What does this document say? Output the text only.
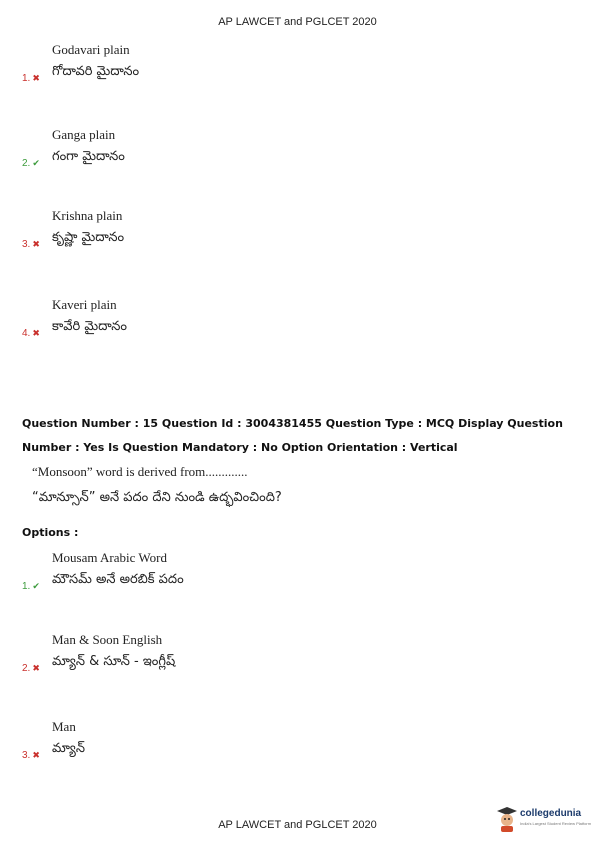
AP LAWCET and PGLCET 2020
Godavari plain
1. ✖ గోదావరి మైదానం
Ganga plain
2. ✔ గంగా మైదానం
Krishna plain
3. ✖ కృష్ణా మైదానం
Kaveri plain
4. ✖ కావేరి మైదానం
Question Number : 15 Question Id : 3004381455 Question Type : MCQ Display Question
Number : Yes Is Question Mandatory : No Option Orientation : Vertical
“Monsoon” word is derived from.............
“మాన్సూన్” అనే పదం దేని నుండి ఉద్భవించింది?
Options :
Mousam Arabic Word
1. ✔ మౌసమ్ అనే అరబిక్ పదం
Man & Soon English
2. ✖ మ్యాన్ & సూన్ - ఇంగ్లీష్
Man
3. ✖ మ్యాన్
AP LAWCET and PGLCET 2020
collegedunia
India's Largest Student Review Platform
